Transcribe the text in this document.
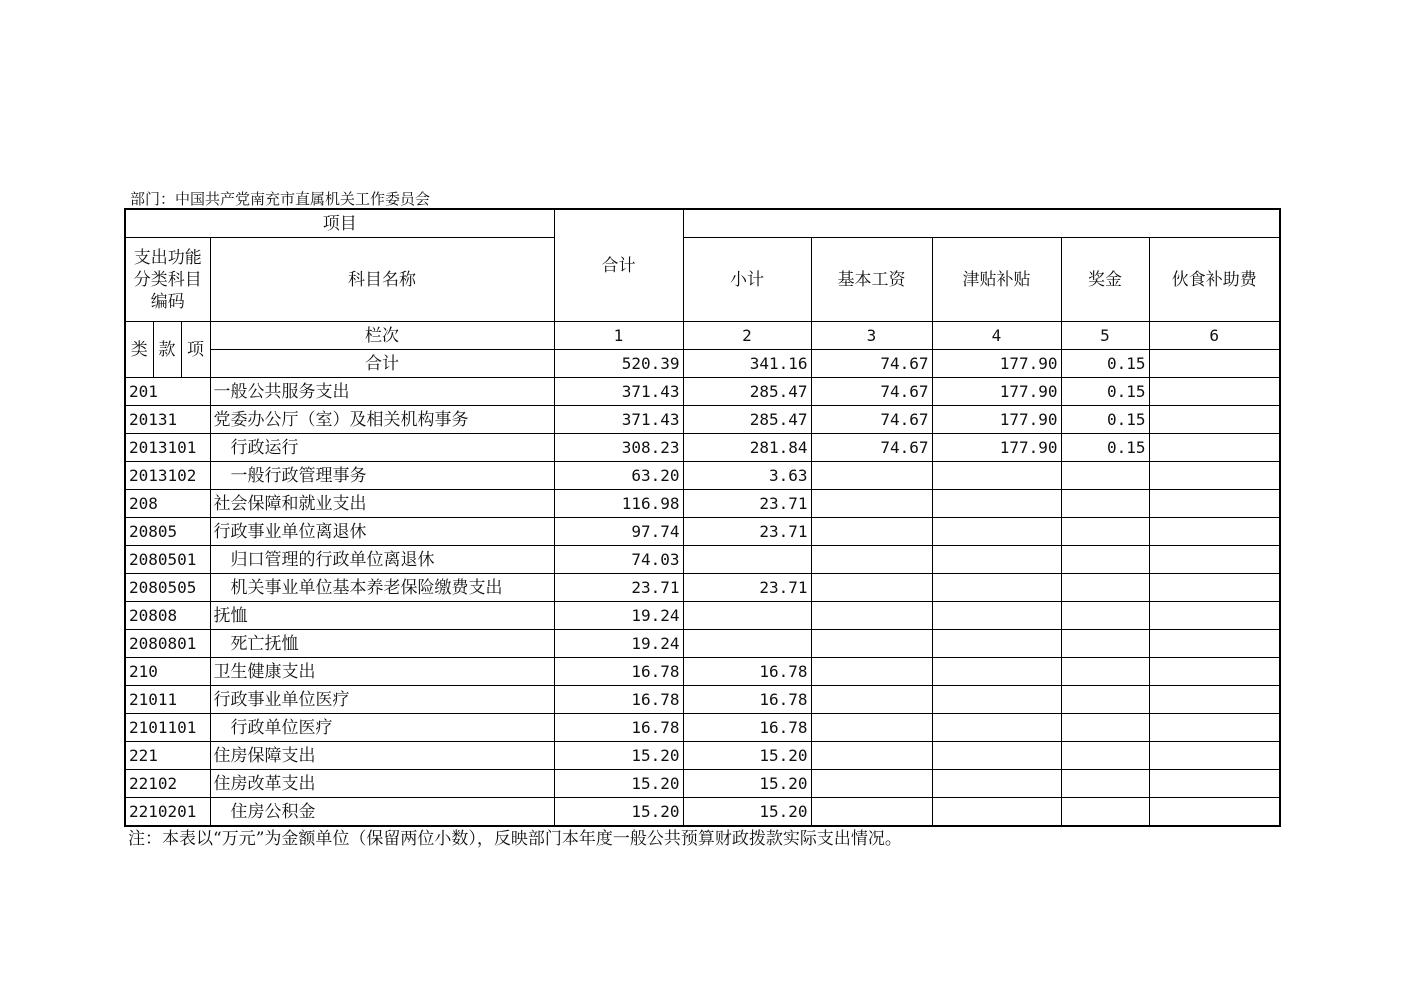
部门：中国共产党南充市直属机关工作委员会
项目				合计					
支出功能分类科目编码			科目名称		小计	基本工资	津贴补贴	奖金	伙食补助费
类	款	项	栏次	1	2	3	4	5	6
			合计	520.39	341.16	74.67	177.90	0.15	
201			一般公共服务支出	371.43	285.47	74.67	177.90	0.15	
20131			党委办公厅（室）及相关机构事务	371.43	285.47	74.67	177.90	0.15	
2013101			行政运行	308.23	281.84	74.67	177.90	0.15	
2013102			一般行政管理事务	63.20	3.63				
208			社会保障和就业支出	116.98	23.71				
20805			行政事业单位离退休	97.74	23.71				
2080501			归口管理的行政单位离退休	74.03					
2080505			机关事业单位基本养老保险缴费支出	23.71	23.71				
20808			抚恤	19.24					
2080801			死亡抚恤	19.24					
210			卫生健康支出	16.78	16.78				
21011			行政事业单位医疗	16.78	16.78				
2101101			行政单位医疗	16.78	16.78				
221			住房保障支出	15.20	15.20				
22102			住房改革支出	15.20	15.20				
2210201			住房公积金	15.20	15.20				
注：本表以“万元”为金额单位（保留两位小数），反映部门本年度一般公共预算财政拨款实际支出情况。
